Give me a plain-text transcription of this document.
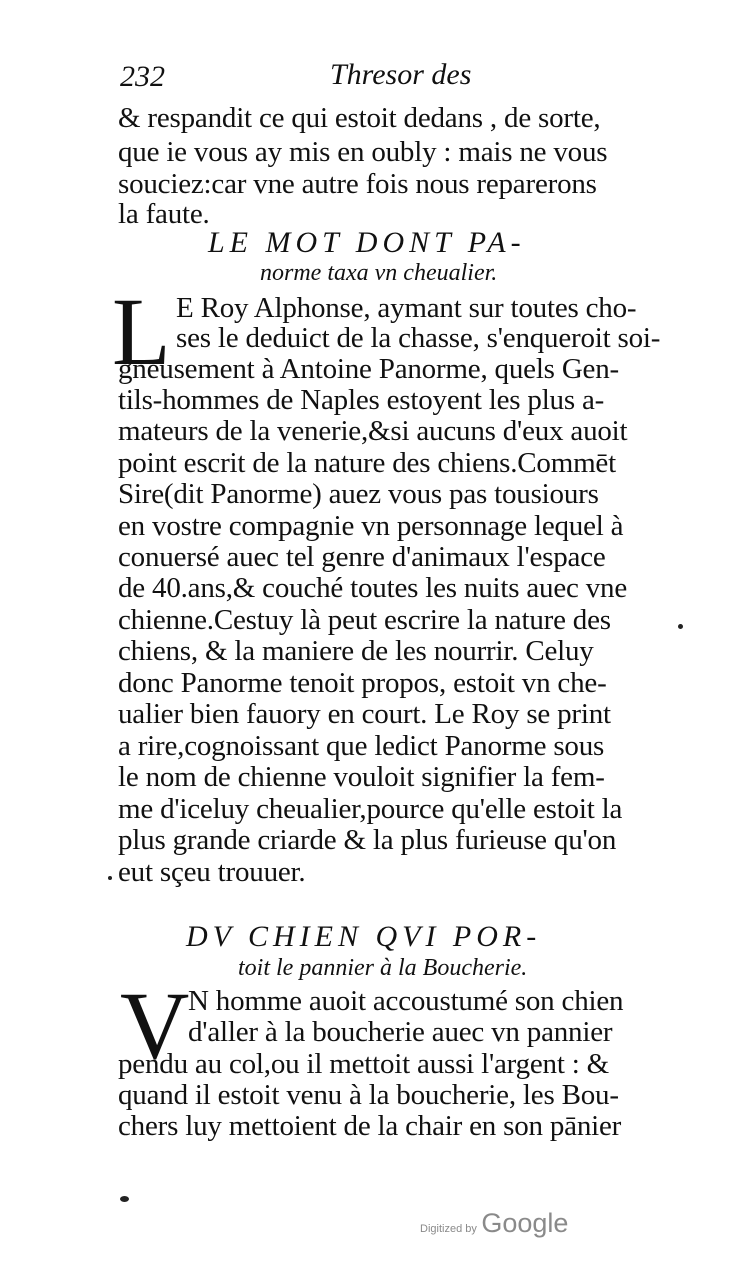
232	Thresor des
& respandit ce qui estoit dedans , de sorte,
que ie vous ay mis en oubly : mais ne vous
souciez:car vne autre fois nous reparerons
la faute.
LE MOT DONT PA-
norme taxa vn cheualier.
L E Roy Alphonse, aymant sur toutes cho-
ses le deduict de la chasse, s'enqueroit soi-
gneusement à Antoine Panorme, quels Gen-
tils-hommes de Naples estoyent les plus a-
mateurs de la venerie,&si aucuns d'eux auoit
point escrit de la nature des chiens.Commēt
Sire(dit Panorme) auez vous pas tousiours
en vostre compagnie vn personnage lequel à
conuersé auec tel genre d'animaux l'espace
de 40.ans,& couché toutes les nuits auec vne
chienne.Cestuy là peut escrire la nature des
chiens, & la maniere de les nourrir. Celuy
donc Panorme tenoit propos, estoit vn che-
ualier bien fauory en court. Le Roy se print
a rire,cognoissant que ledict Panorme sous
le nom de chienne vouloit signifier la fem-
me d'iceluy cheualier,pource qu'elle estoit la
plus grande criarde & la plus furieuse qu'on
eut sçeu trouuer.
DV CHIEN QVI POR-
toit le pannier à la Boucherie.
V
N homme auoit accoustumé son chien
d'aller à la boucherie auec vn pannier
pendu au col,ou il mettoit aussi l'argent : &
quand il estoit venu à la boucherie, les Bou-
chers luy mettoient de la chair en son pānier
Digitized by Google
